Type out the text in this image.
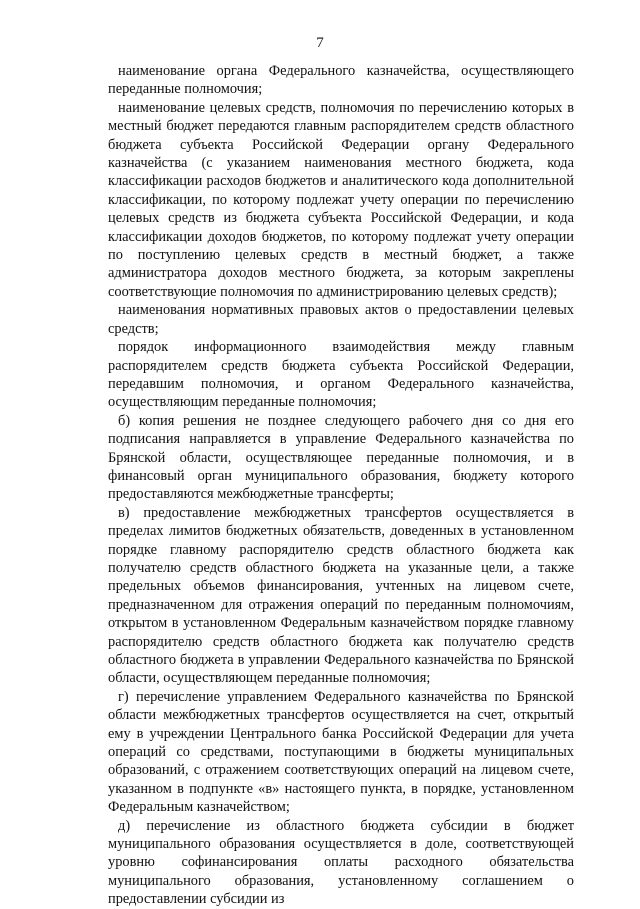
7

наименование органа Федерального казначейства, осуществляющего переданные полномочия;

наименование целевых средств, полномочия по перечислению которых в местный бюджет передаются главным распорядителем средств областного бюджета субъекта Российской Федерации органу Федерального казначейства (с указанием наименования местного бюджета, кода классификации расходов бюджетов и аналитического кода дополнительной классификации, по которому подлежат учету операции по перечислению целевых средств из бюджета субъекта Российской Федерации, и кода классификации доходов бюджетов, по которому подлежат учету операции по поступлению целевых средств в местный бюджет, а также администратора доходов местного бюджета, за которым закреплены соответствующие полномочия по администрированию целевых средств);

наименования нормативных правовых актов о предоставлении целевых средств;

порядок информационного взаимодействия между главным распорядителем средств бюджета субъекта Российской Федерации, передавшим полномочия, и органом Федерального казначейства, осуществляющим переданные полномочия;

б) копия решения не позднее следующего рабочего дня со дня его подписания направляется в управление Федерального казначейства по Брянской области, осуществляющее переданные полномочия, и в финансовый орган муниципального образования, бюджету которого предоставляются межбюджетные трансферты;

в) предоставление межбюджетных трансфертов осуществляется в пределах лимитов бюджетных обязательств, доведенных в установленном порядке главному распорядителю средств областного бюджета как получателю средств областного бюджета на указанные цели, а также предельных объемов финансирования, учтенных на лицевом счете, предназначенном для отражения операций по переданным полномочиям, открытом в установленном Федеральным казначейством порядке главному распорядителю средств областного бюджета как получателю средств областного бюджета в управлении Федерального казначейства по Брянской области, осуществляющем переданные полномочия;

г) перечисление управлением Федерального казначейства по Брянской области межбюджетных трансфертов осуществляется на счет, открытый ему в учреждении Центрального банка Российской Федерации для учета операций со средствами, поступающими в бюджеты муниципальных образований, с отражением соответствующих операций на лицевом счете, указанном в подпункте «в» настоящего пункта, в порядке, установленном Федеральным казначейством;

д) перечисление из областного бюджета субсидии в бюджет муниципального образования осуществляется в доле, соответствующей уровню софинансирования оплаты расходного обязательства муниципального образования, установленному соглашением о предоставлении субсидии из
